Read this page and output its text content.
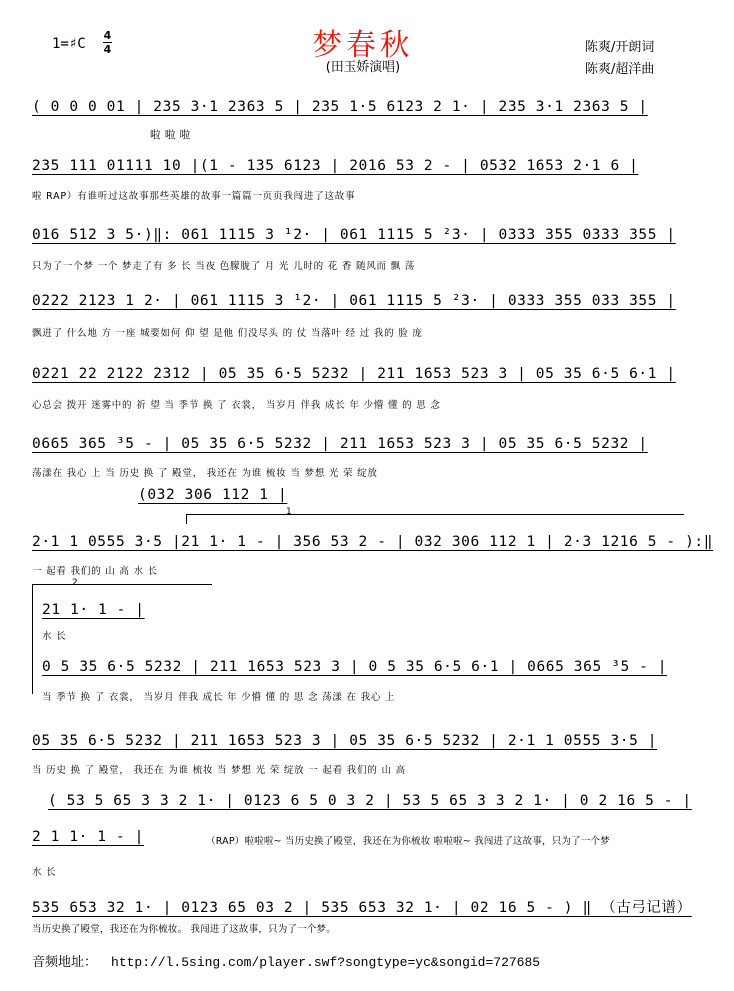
梦春秋
(田玉娇演唱)
1=♯C
4
4	陈爽/开朗词
陈爽/超洋曲
( 0 0 0 01 | 235 3·1 2363 5 | 235 1·5 6123 2 1· | 235 3·1 2363 5 |
啦 啦 啦
235 111 01111 10 |(1 - 135 6123 | 2016 53 2 - | 0532 1653 2·1 6 |
啦 RAP）有谁听过这故事那些英雄的故事一篇篇一页页我闯进了这故事
016 512 3 5·)‖: 061 1115 3 ¹2· | 061 1115 5 ²3· | 0333 355 0333 355 |
只为了一个梦 一个 梦走了有 多 长 当夜 色朦胧了 月 光 儿时的 花 香 随风而 飘 荡
0222 2123 1 2· | 061 1115 3 ¹2· | 061 1115 5 ²3· | 0333 355 033 355 |
飘进了 什么地 方 一座 城要如何 仰 望 是他 们没尽头 的 仗 当落叶 经 过 我的 脸 庞
0221 22 2122 2312 | 05 35 6·5 5232 | 211 1653 523 3 | 05 35 6·5 6·1 |
心总会 拨开 迷雾中的 祈 望 当 季节 换 了 衣裳， 当岁月 伴我 成长 年 少懵 懂 的 思 念
0665 365 ³5 - | 05 35 6·5 5232 | 211 1653 523 3 | 05 35 6·5 5232 |
荡漾在 我心 上 当 历史 换 了 殿堂， 我还在 为谁 梳妆 当 梦想 光 荣 绽放
(032 306 112 1 |
1
2·1 1 0555 3·5 |21 1· 1 - | 356 53 2 - | 032 306 112 1 | 2·3 1216 5 - ):‖
一 起看 我们的 山 高 水 长
2
21 1· 1 - |
水 长
0 5 35 6·5 5232 | 211 1653 523 3 | 0 5 35 6·5 6·1 | 0665 365 ³5 - |
当 季节 换 了 衣裳， 当岁月 伴我 成长 年 少懵 懂 的 思 念 荡漾 在 我心 上
05 35 6·5 5232 | 211 1653 523 3 | 05 35 6·5 5232 | 2·1 1 0555 3·5 |
当 历史 换 了 殿堂， 我还在 为谁 梳妆 当 梦想 光 荣 绽放 一 起看 我们的 山 高
( 53 5 65 3 3 2 1· | 0123 6 5 0 3 2 | 53 5 65 3 3 2 1· | 0 2 16 5 - |
2 1 1· 1 - |	（RAP）啦啦啦~ 当历史换了殿堂，我还在为你梳妆 啦啦啦~ 我闯进了这故事，只为了一个梦
水 长
535 653 32 1· | 0123 65 03 2 | 535 653 32 1· | 02 16 5 - ) ‖ （古弓记谱）
当历史换了殿堂，我还在为你梳妆。 我闯进了这故事，只为了一个梦。
音频地址： http://l.5sing.com/player.swf?songtype=yc&songid=727685
